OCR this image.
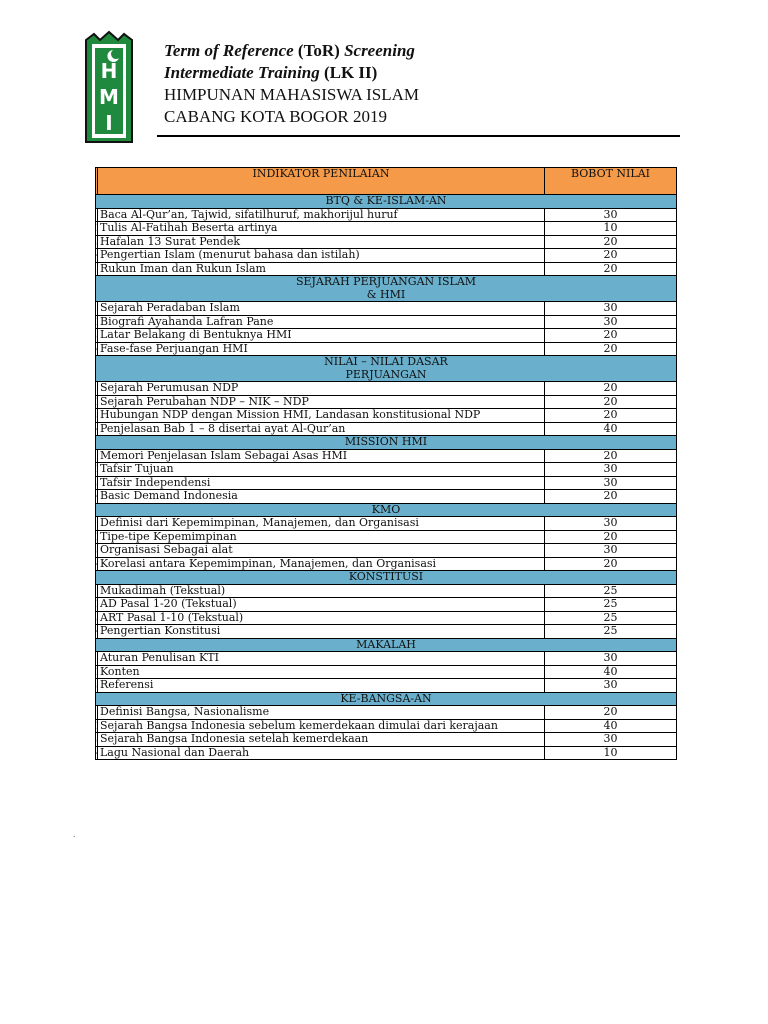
H
M
I
Term of Reference (ToR) Screening
Intermediate Training (LK II)
HIMPUNAN MAHASISWA ISLAM
CABANG KOTA BOGOR 2019
	INDIKATOR PENILAIAN	BOBOT NILAI

BTQ & KE-ISLAM-AN		

	Baca Al-Qur’an, Tajwid, sifatilhuruf, makhorijul huruf	30
	Tulis Al-Fatihah Beserta artinya	10
	Hafalan 13 Surat Pendek	20
	Pengertian Islam (menurut bahasa dan istilah)	20
	Rukun Iman dan Rukun Islam	20

SEJARAH PERJUANGAN ISLAM
& HMI		

	Sejarah Peradaban Islam	30
	Biografi Ayahanda Lafran Pane	30
	Latar Belakang di Bentuknya HMI	20
	Fase-fase Perjuangan HMI	20

NILAI – NILAI DASAR
PERJUANGAN		

	Sejarah Perumusan NDP	20
	Sejarah Perubahan NDP – NIK – NDP	20
	Hubungan NDP dengan Mission HMI, Landasan konstitusional NDP	20
	Penjelasan Bab 1 – 8 disertai ayat Al-Qur’an	40

MISSION HMI		

	Memori Penjelasan Islam Sebagai Asas HMI	20
	Tafsir Tujuan	30
	Tafsir Independensi	30
	Basic Demand Indonesia	20

KMO		

	Definisi dari Kepemimpinan, Manajemen, dan Organisasi	30
	Tipe-tipe Kepemimpinan	20
	Organisasi Sebagai alat	30
	Korelasi antara Kepemimpinan, Manajemen, dan Organisasi	20

KONSTITUSI		

	Mukadimah (Tekstual)	25
	AD Pasal 1-20 (Tekstual)	25
	ART Pasal 1-10 (Tekstual)	25
	Pengertian Konstitusi	25

MAKALAH		

	Aturan Penulisan KTI	30
	Konten	40
	Referensi	30

KE-BANGSA-AN		

	Definisi Bangsa, Nasionalisme	20
	Sejarah Bangsa Indonesia sebelum kemerdekaan dimulai dari kerajaan	40
	Sejarah Bangsa Indonesia setelah kemerdekaan	30
	Lagu Nasional dan Daerah	10
.
